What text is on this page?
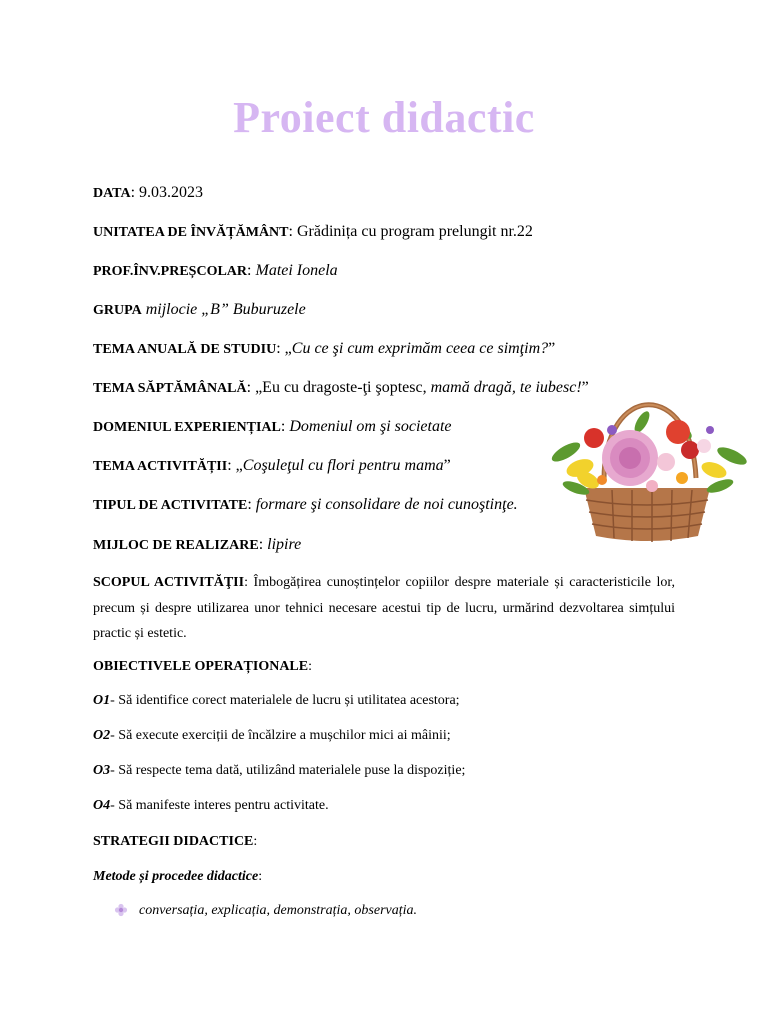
Proiect didactic
DATA: 9.03.2023
UNITATEA DE ÎNVĂȚĂMÂNT: Grădinița cu program prelungit nr.22
PROF.ÎNV.PREȘCOLAR: Matei Ionela
GRUPA mijlocie „B” Buburuzele
TEMA ANUALĂ DE STUDIU: „Cu ce şi cum exprimăm ceea ce simţim?”
TEMA SĂPTĂMÂNALĂ: „Eu cu dragoste-ţi şoptesc, mamă dragă, te iubesc!”
DOMENIUL EXPERIENȚIAL: Domeniul om şi societate
TEMA ACTIVITĂȚII: „Coşuleţul cu flori pentru mama”
TIPUL DE ACTIVITATE: formare şi consolidare de noi cunoştinţe.
MIJLOC DE REALIZARE: lipire
SCOPUL ACTIVITĂŢII: Îmbogățirea cunoștințelor copiilor despre materiale și caracteristicile lor, precum și despre utilizarea unor tehnici necesare acestui tip de lucru, urmărind dezvoltarea simțului practic și estetic.
OBIECTIVELE OPERAȚIONALE:
O1- Să identifice corect materialele de lucru și utilitatea acestora;
O2- Să execute exerciții de încălzire a mușchilor mici ai mâinii;
O3- Să respecte tema dată, utilizând materialele puse la dispoziție;
O4- Să manifeste interes pentru activitate.
STRATEGII DIDACTICE:
Metode și procedee didactice:
conversația, explicația, demonstrația, observația.
